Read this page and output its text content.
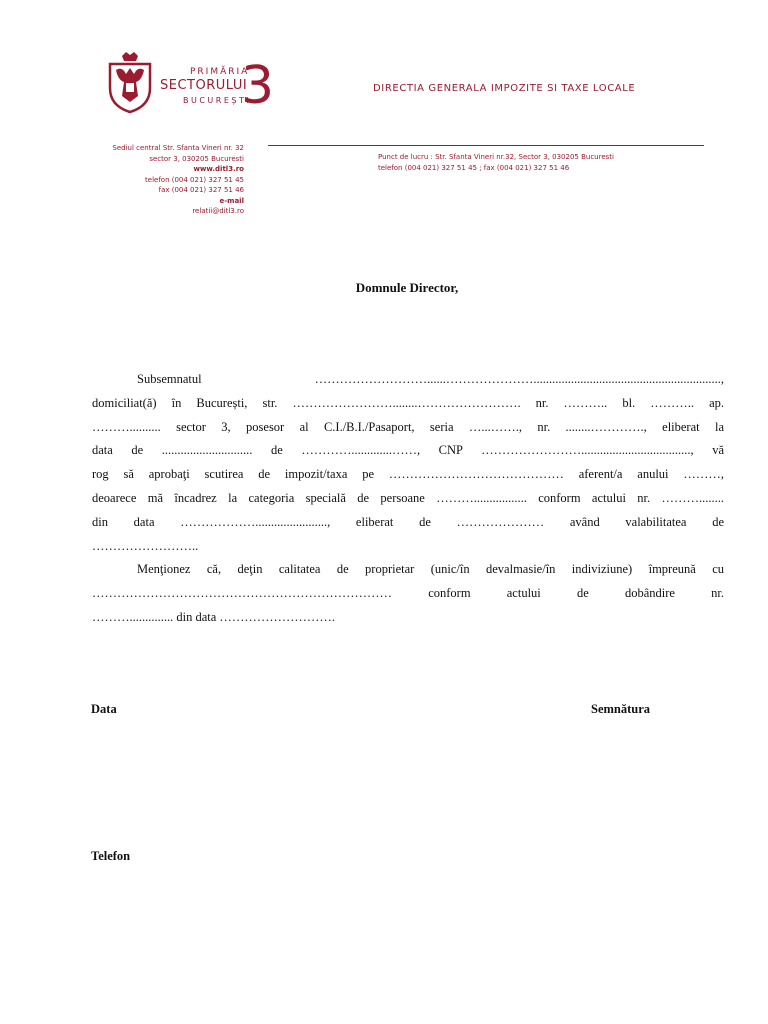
PRIMĂRIA
SECTORULUI
BUCUREȘTI
3	DIRECTIA GENERALA IMPOZITE SI TAXE LOCALE
Sediul central Str. Sfanta Vineri nr. 32
sector 3, 030205 Bucuresti
www.ditl3.ro
telefon (004 021) 327 51 45
fax (004 021) 327 51 46
e-mail
relatii@ditl3.ro
Punct de lucru : Str. Sfanta Vineri nr.32, Sector 3, 030205 Bucuresti
telefon (004 021) 327 51 45 ; fax (004 021) 327 51 46
Domnule Director,

Subsemnatul ………………………......…………………............................................................,

domiciliat(ă) în București, str. ……………………........……………………. nr. ……….. bl. ……….. ap.

……….......... sector 3, posesor al C.I./B.I./Pasaport, seria …...……., nr. ........…………., eliberat la

data de ............................. de ………….............……, CNP ……………………..................................., vă

rog să aprobaţi scutirea de impozit/taxa pe …………………………………… aferent/a anului ………,

deoarece mă încadrez la categoria specială de persoane ………................. conform actului nr. ………........

din data ………………......................., eliberat de ………………… având valabilitatea de

……………………..

Menţionez că, deţin calitatea de proprietar (unic/în devalmasie/în indiviziune) împreună cu

……………………………………………………………… conform actului de dobândire nr.

……….............. din data ……………………….

Data	Semnătura
Telefon
